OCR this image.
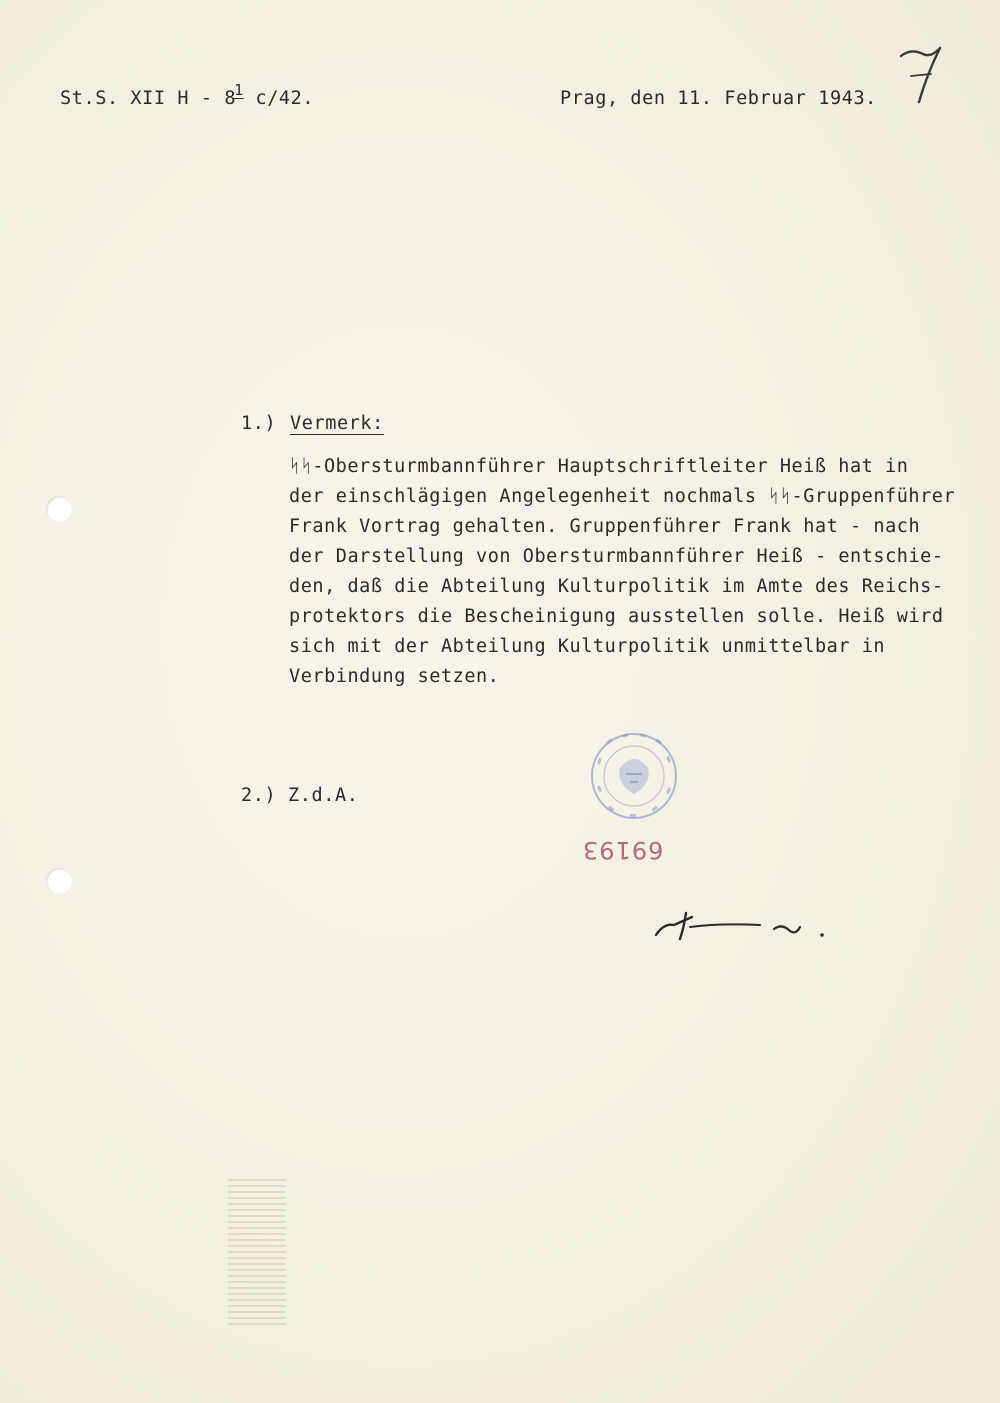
St.S. XII H - $8^1$ c/42.	Prag, den 11. Februar 1943.
7
1.) Vermerk:
ᛋᛋ-Obersturmbannführer Hauptschriftleiter Heiß hat in
der einschlägigen Angelegenheit nochmals ᛋᛋ-Gruppenführer
Frank Vortrag gehalten. Gruppenführer Frank hat - nach
der Darstellung von Obersturmbannführer Heiß - entschie-
den, daß die Abteilung Kulturpolitik im Amte des Reichs-
protektors die Bescheinigung ausstellen solle. Heiß wird
sich mit der Abteilung Kulturpolitik unmittelbar in
Verbindung setzen.
2.) Z.d.A.
69193
